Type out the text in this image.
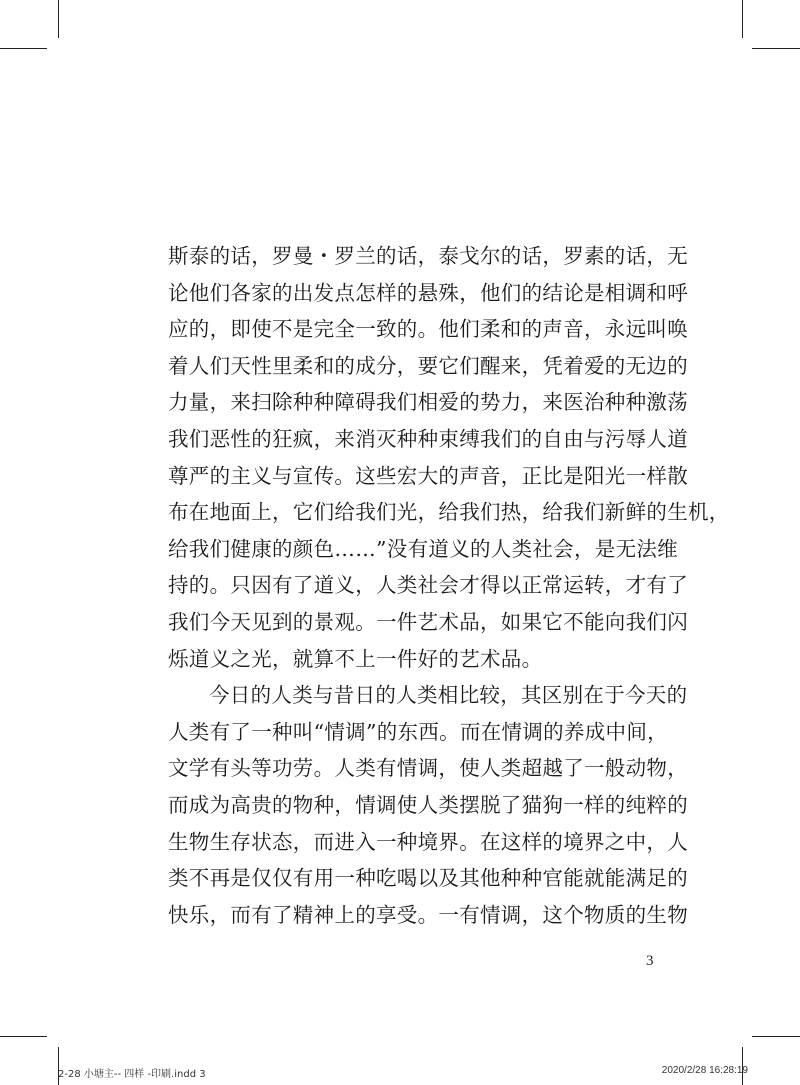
斯泰的话，罗曼・罗兰的话，泰戈尔的话，罗素的话，无
论他们各家的出发点怎样的悬殊，他们的结论是相调和呼
应的，即使不是完全一致的。他们柔和的声音，永远叫唤
着人们天性里柔和的成分，要它们醒来，凭着爱的无边的
力量，来扫除种种障碍我们相爱的势力，来医治种种激荡
我们恶性的狂疯，来消灭种种束缚我们的自由与污辱人道
尊严的主义与宣传。这些宏大的声音，正比是阳光一样散
布在地面上，它们给我们光，给我们热，给我们新鲜的生机，
给我们健康的颜色……”没有道义的人类社会，是无法维
持的。只因有了道义，人类社会才得以正常运转，才有了
我们今天见到的景观。一件艺术品，如果它不能向我们闪
烁道义之光，就算不上一件好的艺术品。
今日的人类与昔日的人类相比较，其区别在于今天的
人类有了一种叫“情调”的东西。而在情调的养成中间，
文学有头等功劳。人类有情调，使人类超越了一般动物，
而成为高贵的物种，情调使人类摆脱了猫狗一样的纯粹的
生物生存状态，而进入一种境界。在这样的境界之中，人
类不再是仅仅有用一种吃喝以及其他种种官能就能满足的
快乐，而有了精神上的享受。一有情调，这个物质的生物
3
2-28 小塘主-- 四样 -印刷.indd 3	2020/2/28 16:28:19
